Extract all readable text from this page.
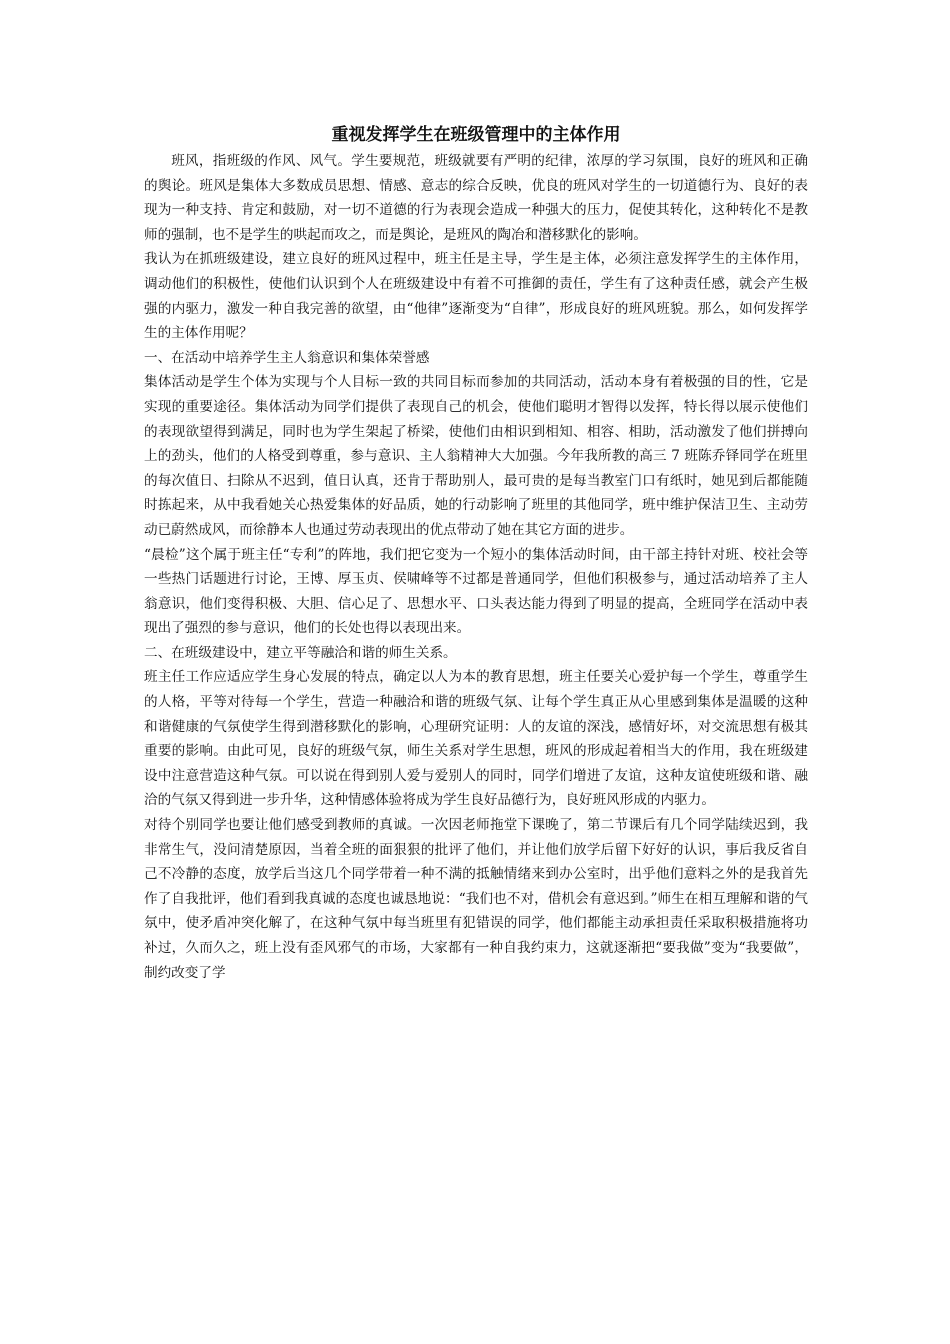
重视发挥学生在班级管理中的主体作用

班风，指班级的作风、风气。学生要规范，班级就要有严明的纪律，浓厚的学习氛围，良好的班风和正确的舆论。班风是集体大多数成员思想、情感、意志的综合反映，优良的班风对学生的一切道德行为、良好的表现为一种支持、肯定和鼓励，对一切不道德的行为表现会造成一种强大的压力，促使其转化，这种转化不是教师的强制，也不是学生的哄起而攻之，而是舆论，是班风的陶冶和潜移默化的影响。

我认为在抓班级建设，建立良好的班风过程中，班主任是主导，学生是主体，必须注意发挥学生的主体作用，调动他们的积极性，使他们认识到个人在班级建设中有着不可推御的责任，学生有了这种责任感，就会产生极强的内驱力，激发一种自我完善的欲望，由“他律”逐渐变为“自律”，形成良好的班风班貌。那么，如何发挥学生的主体作用呢？

一、在活动中培养学生主人翁意识和集体荣誉感

集体活动是学生个体为实现与个人目标一致的共同目标而参加的共同活动，活动本身有着极强的目的性，它是实现的重要途径。集体活动为同学们提供了表现自己的机会，使他们聪明才智得以发挥，特长得以展示使他们的表现欲望得到满足，同时也为学生架起了桥梁，使他们由相识到相知、相容、相助，活动激发了他们拼搏向上的劲头，他们的人格受到尊重，参与意识、主人翁精神大大加强。今年我所教的高三 7 班陈乔铎同学在班里的每次值日、扫除从不迟到，值日认真，还肯于帮助别人，最可贵的是每当教室门口有纸时，她见到后都能随时拣起来，从中我看她关心热爱集体的好品质，她的行动影响了班里的其他同学，班中维护保洁卫生、主动劳动已蔚然成风，而徐静本人也通过劳动表现出的优点带动了她在其它方面的进步。

“晨检”这个属于班主任“专利”的阵地，我们把它变为一个短小的集体活动时间，由干部主持针对班、校社会等一些热门话题进行讨论，王博、厚玉贞、侯啸峰等不过都是普通同学，但他们积极参与，通过活动培养了主人翁意识，他们变得积极、大胆、信心足了、思想水平、口头表达能力得到了明显的提高，全班同学在活动中表现出了强烈的参与意识，他们的长处也得以表现出来。

二、在班级建设中，建立平等融洽和谐的师生关系。

班主任工作应适应学生身心发展的特点，确定以人为本的教育思想，班主任要关心爱护每一个学生，尊重学生的人格，平等对待每一个学生，营造一种融洽和谐的班级气氛、让每个学生真正从心里感到集体是温暖的这种和谐健康的气氛使学生得到潜移默化的影响，心理研究证明：人的友谊的深浅，感情好坏，对交流思想有极其重要的影响。由此可见，良好的班级气氛，师生关系对学生思想，班风的形成起着相当大的作用，我在班级建设中注意营造这种气氛。可以说在得到别人爱与爱别人的同时，同学们增进了友谊，这种友谊使班级和谐、融洽的气氛又得到进一步升华，这种情感体验将成为学生良好品德行为，良好班风形成的内驱力。

对待个别同学也要让他们感受到教师的真诚。一次因老师拖堂下课晚了，第二节课后有几个同学陆续迟到，我非常生气，没问清楚原因，当着全班的面狠狠的批评了他们，并让他们放学后留下好好的认识，事后我反省自己不冷静的态度，放学后当这几个同学带着一种不满的抵触情绪来到办公室时，出乎他们意料之外的是我首先作了自我批评，他们看到我真诚的态度也诚恳地说：“我们也不对，借机会有意迟到。”师生在相互理解和谐的气氛中，使矛盾冲突化解了，在这种气氛中每当班里有犯错误的同学，他们都能主动承担责任采取积极措施将功补过，久而久之，班上没有歪风邪气的市场，大家都有一种自我约束力，这就逐渐把“要我做”变为“我要做”，制约改变了学
